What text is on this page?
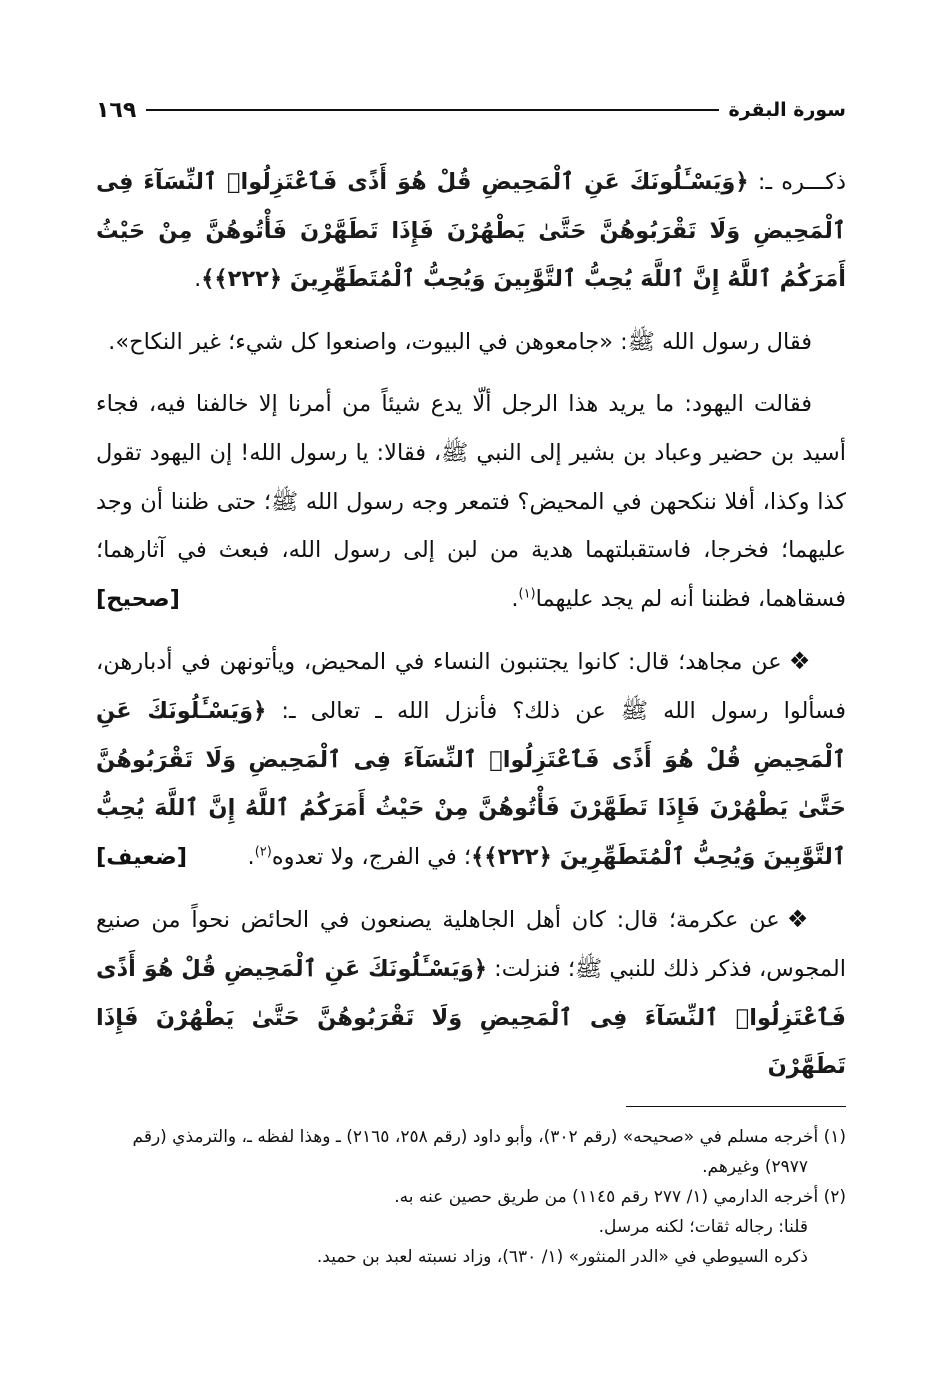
سورة البقرة
١٦٩

ذكـــره ـ: ﴿وَيَسْـَٔلُونَكَ عَنِ ٱلْمَحِيضِ قُلْ هُوَ أَذًى فَٱعْتَزِلُوا۟ ٱلنِّسَآءَ فِى ٱلْمَحِيضِ وَلَا تَقْرَبُوهُنَّ حَتَّىٰ يَطْهُرْنَ فَإِذَا تَطَهَّرْنَ فَأْتُوهُنَّ مِنْ حَيْثُ أَمَرَكُمُ ٱللَّهُ إِنَّ ٱللَّهَ يُحِبُّ ٱلتَّوَّٰبِينَ وَيُحِبُّ ٱلْمُتَطَهِّرِينَ ﴿٢٢٢﴾﴾.

فقال رسول الله ﷺ: «جامعوهن في البيوت، واصنعوا كل شيء؛ غير النكاح».

فقالت اليهود: ما يريد هذا الرجل ألّا يدع شيئاً من أمرنا إلا خالفنا فيه، فجاء أسيد بن حضير وعباد بن بشير إلى النبي ﷺ، فقالا: يا رسول الله! إن اليهود تقول كذا وكذا، أفلا ننكحهن في المحيض؟ فتمعر وجه رسول الله ﷺ؛ حتى ظننا أن وجد عليهما؛ فخرجا، فاستقبلتهما هدية من لبن إلى رسول الله، فبعث في آثارهما؛ فسقاهما، فظننا أنه لم يجد عليهما$^{(١)}$.
[صحيح]

❖ عن مجاهد؛ قال: كانوا يجتنبون النساء في المحيض، ويأتونهن في أدبارهن، فسألوا رسول الله ﷺ عن ذلك؟ فأنزل الله ـ تعالى ـ: ﴿وَيَسْـَٔلُونَكَ عَنِ ٱلْمَحِيضِ قُلْ هُوَ أَذًى فَٱعْتَزِلُوا۟ ٱلنِّسَآءَ فِى ٱلْمَحِيضِ وَلَا تَقْرَبُوهُنَّ حَتَّىٰ يَطْهُرْنَ فَإِذَا تَطَهَّرْنَ فَأْتُوهُنَّ مِنْ حَيْثُ أَمَرَكُمُ ٱللَّهُ إِنَّ ٱللَّهَ يُحِبُّ ٱلتَّوَّٰبِينَ وَيُحِبُّ ٱلْمُتَطَهِّرِينَ ﴿٢٢٢﴾﴾؛ في الفرج، ولا تعدوه$^{(٢)}$.
[ضعيف]

❖ عن عكرمة؛ قال: كان أهل الجاهلية يصنعون في الحائض نحواً من صنيع المجوس، فذكر ذلك للنبي ﷺ؛ فنزلت: ﴿وَيَسْـَٔلُونَكَ عَنِ ٱلْمَحِيضِ قُلْ هُوَ أَذًى فَٱعْتَزِلُوا۟ ٱلنِّسَآءَ فِى ٱلْمَحِيضِ وَلَا تَقْرَبُوهُنَّ حَتَّىٰ يَطْهُرْنَ فَإِذَا تَطَهَّرْنَ

(١) أخرجه مسلم في «صحيحه» (رقم ٣٠٢)، وأبو داود (رقم ٢٥٨، ٢١٦٥) ـ وهذا لفظه ـ، والترمذي (رقم ٢٩٧٧) وغيرهم.

(٢) أخرجه الدارمي (١/ ٢٧٧ رقم ١١٤٥) من طريق حصين عنه به.

قلنا: رجاله ثقات؛ لكنه مرسل.

ذكره السيوطي في «الدر المنثور» (١/ ٦٣٠)، وزاد نسبته لعبد بن حميد.
